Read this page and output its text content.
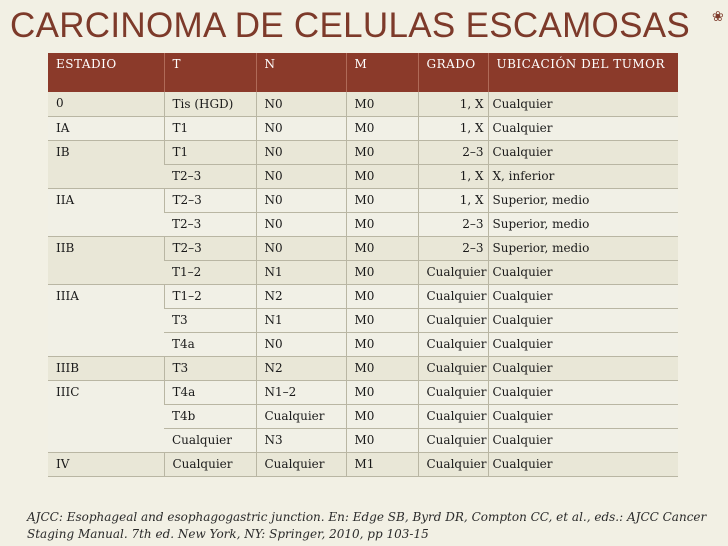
CARCINOMA DE CELULAS ESCAMOSAS ❀
ESTADIO	T	N	M	GRADO	UBICACIÓN DEL TUMOR
0	Tis (HGD)	N0	M0	1, X	Cualquier
IA	T1	N0	M0	1, X	Cualquier
IB	T1	N0	M0	2–3	Cualquier
	T2–3	N0	M0	1, X	X, inferior
IIA	T2–3	N0	M0	1, X	Superior, medio
	T2–3	N0	M0	2–3	Superior, medio
IIB	T2–3	N0	M0	2–3	Superior, medio
	T1–2	N1	M0	Cualquier	Cualquier
IIIA	T1–2	N2	M0	Cualquier	Cualquier
	T3	N1	M0	Cualquier	Cualquier
	T4a	N0	M0	Cualquier	Cualquier
IIIB	T3	N2	M0	Cualquier	Cualquier
IIIC	T4a	N1–2	M0	Cualquier	Cualquier
	T4b	Cualquier	M0	Cualquier	Cualquier
	Cualquier	N3	M0	Cualquier	Cualquier
IV	Cualquier	Cualquier	M1	Cualquier	Cualquier
AJCC: Esophageal and esophagogastric junction. En: Edge SB, Byrd DR, Compton CC, et al., eds.: AJCC Cancer Staging Manual. 7th ed. New York, NY: Springer, 2010, pp 103-15
